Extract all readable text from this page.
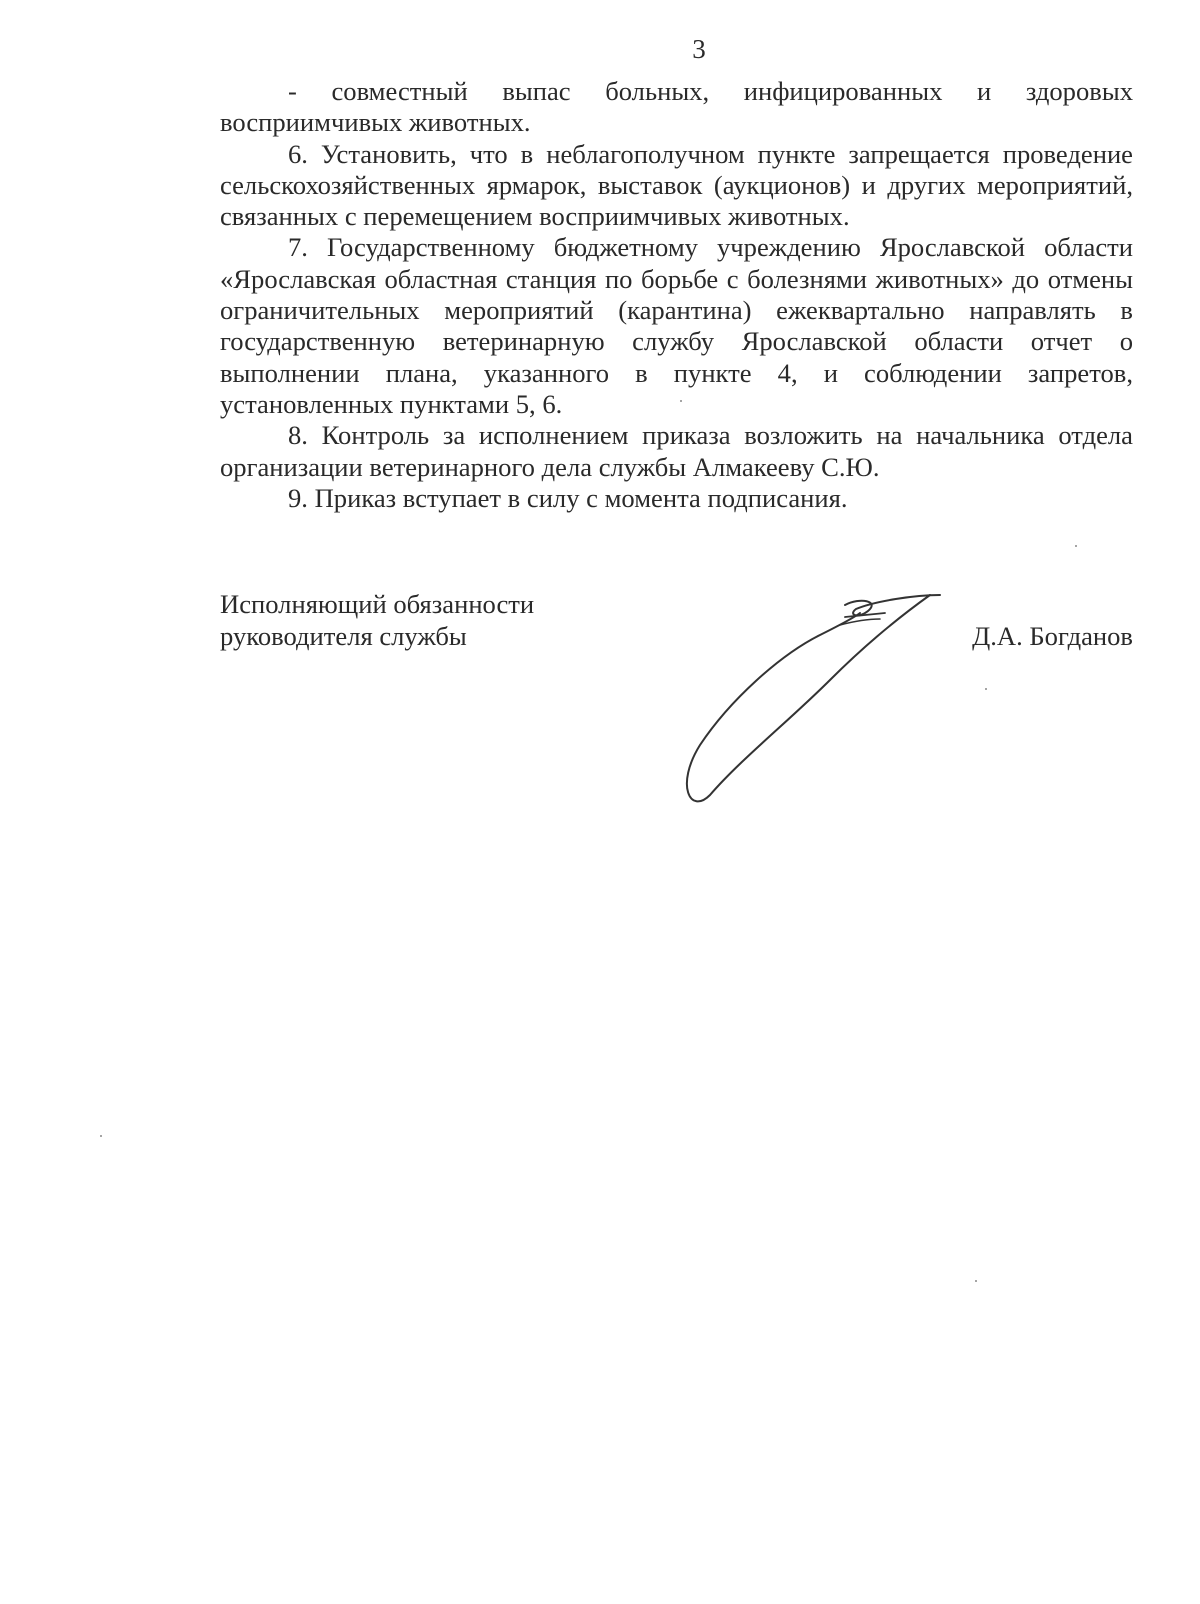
3

- совместный выпас больных, инфицированных и здоровых восприимчивых животных.

6. Установить, что в неблагополучном пункте запрещается проведение сельскохозяйственных ярмарок, выставок (аукционов) и других мероприятий, связанных с перемещением восприимчивых животных.

7. Государственному бюджетному учреждению Ярославской области «Ярославская областная станция по борьбе с болезнями животных» до отмены ограничительных мероприятий (карантина) ежеквартально направлять в государственную ветеринарную службу Ярославской области отчет о выполнении плана, указанного в пункте 4, и соблюдении запретов, установленных пунктами 5, 6.

8. Контроль за исполнением приказа возложить на начальника отдела организации ветеринарного дела службы Алмакееву С.Ю.

9. Приказ вступает в силу с момента подписания.

Исполняющий обязанности
руководителя службы	Д.А. Богданов
